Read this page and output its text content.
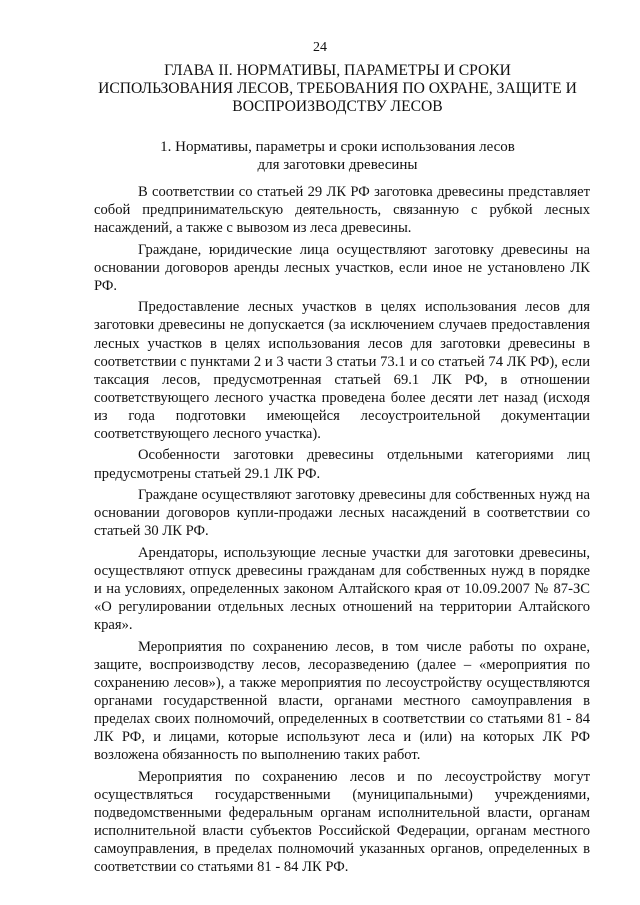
24
ГЛАВА II. НОРМАТИВЫ, ПАРАМЕТРЫ И СРОКИ
ИСПОЛЬЗОВАНИЯ ЛЕСОВ, ТРЕБОВАНИЯ ПО ОХРАНЕ, ЗАЩИТЕ И
ВОСПРОИЗВОДСТВУ ЛЕСОВ
1. Нормативы, параметры и сроки использования лесов
для заготовки древесины

В соответствии со статьей 29 ЛК РФ заготовка древесины представляет собой предпринимательскую деятельность, связанную с рубкой лесных насаждений, а также с вывозом из леса древесины.

Граждане, юридические лица осуществляют заготовку древесины на основании договоров аренды лесных участков, если иное не установлено ЛК РФ.

Предоставление лесных участков в целях использования лесов для заготовки древесины не допускается (за исключением случаев предоставления лесных участков в целях использования лесов для заготовки древесины в соответствии с пунктами 2 и 3 части 3 статьи 73.1 и со статьей 74 ЛК РФ), если таксация лесов, предусмотренная статьей 69.1 ЛК РФ, в отношении соответствующего лесного участка проведена более десяти лет назад (исходя из года подготовки имеющейся лесоустроительной документации соответствующего лесного участка).

Особенности заготовки древесины отдельными категориями лиц предусмотрены статьей 29.1 ЛК РФ.

Граждане осуществляют заготовку древесины для собственных нужд на основании договоров купли-продажи лесных насаждений в соответствии со статьей 30 ЛК РФ.

Арендаторы, использующие лесные участки для заготовки древесины, осуществляют отпуск древесины гражданам для собственных нужд в порядке и на условиях, определенных законом Алтайского края от 10.09.2007 № 87-ЗС «О регулировании отдельных лесных отношений на территории Алтайского края».

Мероприятия по сохранению лесов, в том числе работы по охране, защите, воспроизводству лесов, лесоразведению (далее – «мероприятия по сохранению лесов»), а также мероприятия по лесоустройству осуществляются органами государственной власти, органами местного самоуправления в пределах своих полномочий, определенных в соответствии со статьями 81 - 84 ЛК РФ, и лицами, которые используют леса и (или) на которых ЛК РФ возложена обязанность по выполнению таких работ.

Мероприятия по сохранению лесов и по лесоустройству могут осуществляться государственными (муниципальными) учреждениями, подведомственными федеральным органам исполнительной власти, органам исполнительной власти субъектов Российской Федерации, органам местного самоуправления, в пределах полномочий указанных органов, определенных в соответствии со статьями 81 - 84 ЛК РФ.
